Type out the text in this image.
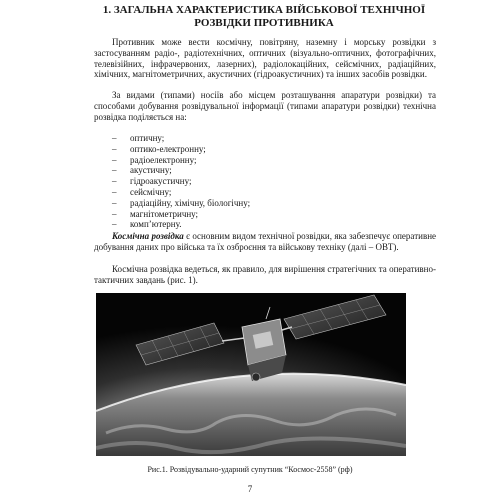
1. ЗАГАЛЬНА ХАРАКТЕРИСТИКА ВІЙСЬКОВОЇ ТЕХНІЧНОЇ
РОЗВІДКИ ПРОТИВНИКА

Противник може вести космічну, повітряну, наземну і морську розвідки з застосуванням радіо-, радіотехнічних, оптичних (візуально-оптичних, фотографічних, телевізійних, інфрачервоних, лазерних), радіолокаційних, сейсмічних, радіаційних, хімічних, магнітометричних, акустичних (гідроакустичних) та інших засобів розвідки.

За видами (типами) носіїв або місцем розташування апаратури розвідки) та способами добування розвідувальної інформації (типами апаратури розвідки) технічна розвідка поділяється на:

– оптичну;
– оптико-електронну;
– радіоелектронну;
– акустичну;
– гідроакустичну;
– сейсмічну;
– радіаційну, хімічну, біологічну;
– магнітометричну;
– комп’ютерну.

Космічна розвідка є основним видом технічної розвідки, яка забезпечує оперативне добування даних про війська та їх озброєння та військову техніку (далі – ОВТ).

Космічна розвідка ведеться, як правило, для вирішення стратегічних та оперативно-тактичних завдань (рис. 1).

Рис.1. Розвідувально-ударний супутник “Космос-2558” (рф)
7
